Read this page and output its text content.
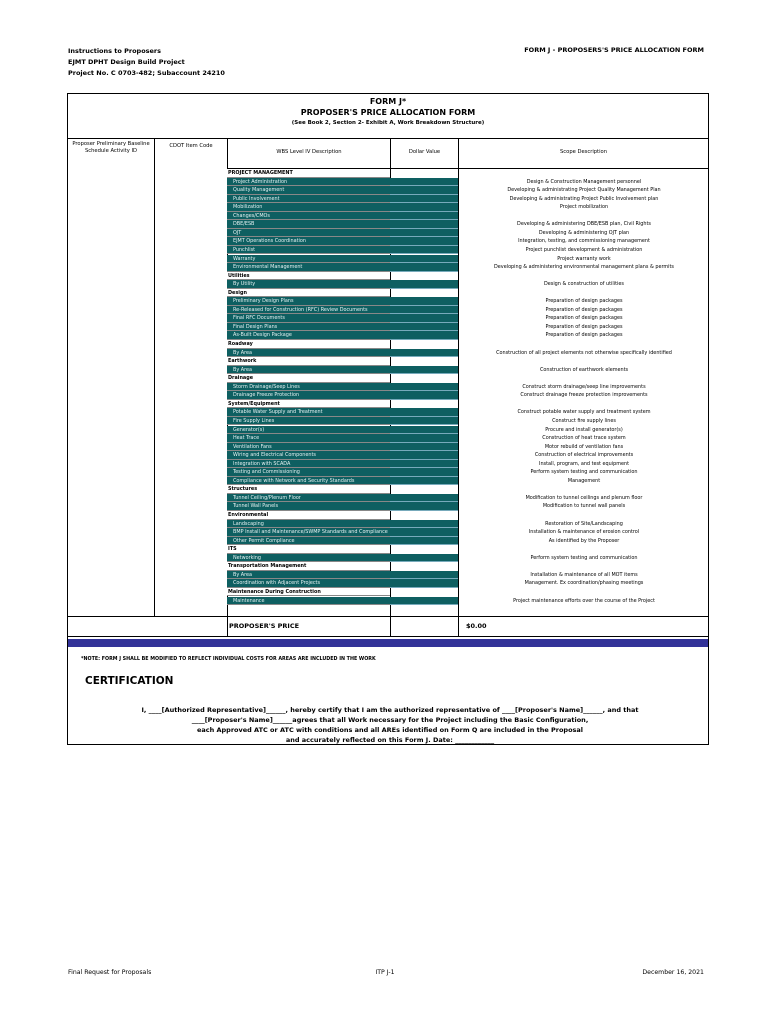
Instructions to Proposers
EJMT DPHT Design Build Project
Project No. C 0703-482; Subaccount 24210
FORM J - PROPOSERS'S PRICE ALLOCATION FORM
FORM J*
PROPOSER'S PRICE ALLOCATION FORM
(See Book 2, Section 2- Exhibit A, Work Breakdown Structure)
Proposer Preliminary Baseline Schedule Activity ID
CDOT Item Code
WBS Level IV Description	Dollar Value	Scope Description
PROJECT MANAGEMENT
Project Administration	Design & Construction Management personnel
Quality Management	Developing & administrating Project Quality Management Plan
Public Involvement	Developing & administrating Project Public Involvement plan
Mobilization	Project mobilization
Changes/CMOs
DBE/ESB	Developing & administering DBE/ESB plan, Civil Rights
OJT	Developing & administering OJT plan
EJMT Operations Coordination	Integration, testing, and commissioning management
Punchlist	Project punchlist development & administration
Warranty	Project warranty work
Environmental Management	Developing & administering environmental management plans & permits
Utilities
By Utility	Design & construction of utilities
Design
Preliminary Design Plans	Preparation of design packages
Re-Released for Construction (RFC) Review Documents	Preparation of design packages
Final RFC Documents	Preparation of design packages
Final Design Plans	Preparation of design packages
As-Built Design Package	Preparation of design packages
Roadway
By Area	Construction of all project elements not otherwise specifically identified
Earthwork
By Area	Construction of earthwork elements
Drainage
Storm Drainage/Seep Lines	Construct storm drainage/seep line improvements
Drainage Freeze Protection	Construct drainage freeze protection improvements
System/Equipment
Potable Water Supply and Treatment	Construct potable water supply and treatment system
Fire Supply Lines	Construct fire supply lines
Generator(s)	Procure and install generator(s)
Heat Trace	Construction of heat trace system
Ventilation Fans	Motor rebuild of ventilation fans
Wiring and Electrical Components	Construction of electrical improvements
Integration with SCADA	Install, program, and test equipment
Testing and Commissioning	Perform system testing and communication
Compliance with Network and Security Standards	Management
Structures
Tunnel Ceiling/Plenum Floor	Modification to tunnel ceilings and plenum floor
Tunnel Wall Panels	Modification to tunnel wall panels
Environmental
Landscaping	Restoration of Site/Landscaping
BMP Install and Maintenance/SWMP Standards and Compliance	Installation & maintenance of erosion control
Other Permit Compliance	As identified by the Proposer
ITS
Networking	Perform system testing and communication
Transportation Management
By Area	Installation & maintenance of all MOT items
Coordination with Adjacent Projects	Management. Ex coordination/phasing meetings
Maintenance During Construction
Maintenance	Project maintenance efforts over the course of the Project
PROPOSER'S PRICE	$0.00
*NOTE: FORM J SHALL BE MODIFIED TO REFLECT INDIVIDUAL COSTS FOR AREAS ARE INCLUDED IN THE WORK
CERTIFICATION
I, ____[Authorized Representative]______, hereby certify that I am the authorized representative of ____[Proposer's Name]______, and that
____[Proposer's Name]______agrees that all Work necessary for the Project including the Basic Configuration,
each Approved ATC or ATC with conditions and all AREs identified on Form Q are included in the Proposal
and accurately reflected on this Form J. Date: ____________
Final Request for Proposals	ITP J-1	December 16, 2021
